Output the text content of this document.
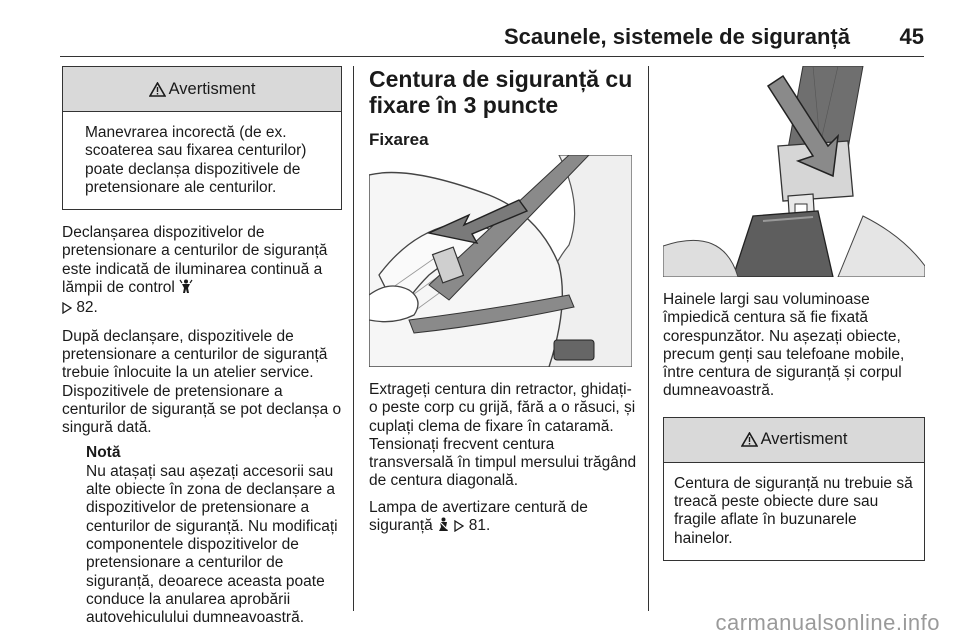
Scaunele, sistemele de siguranță 45
Avertisment
Manevrarea incorectă (de ex. scoaterea sau fixarea centurilor) poate declanșa dispozitivele de pretensionare ale centurilor.

Declanșarea dispozitivelor de pretensionare a centurilor de siguranță este indicată de iluminarea continuă a lămpii de control
82.

După declanșare, dispozitivele de pretensionare a centurilor de siguranță trebuie înlocuite la un atelier service. Dispozitivele de pretensionare a centurilor de siguranță se pot declanșa o singură dată.

Notă

Nu atașați sau așezați accesorii sau alte obiecte în zona de declanșare a dispozitivelor de pretensionare a centurilor de siguranță. Nu modificați componentele dispozitivelor de pretensionare a centurilor de siguranță, deoarece aceasta poate conduce la anularea aprobării autovehiculului dumneavoastră.

Centura de siguranță cu fixare în 3 puncte
Fixarea

Extrageți centura din retractor, ghidați-o peste corp cu grijă, fără a o răsuci, și cuplați clema de fixare în cataramă. Tensionați frecvent centura transversală în timpul mersului trăgând de centura diagonală.

Lampa de avertizare centură de siguranță 81.

Hainele largi sau voluminoase împiedică centura să fie fixată corespunzător. Nu așezați obiecte, precum genți sau telefoane mobile, între centura de siguranță și corpul dumneavoastră.

Avertisment
Centura de siguranță nu trebuie să treacă peste obiecte dure sau fragile aflate în buzunarele hainelor.
carmanualsonline.info
